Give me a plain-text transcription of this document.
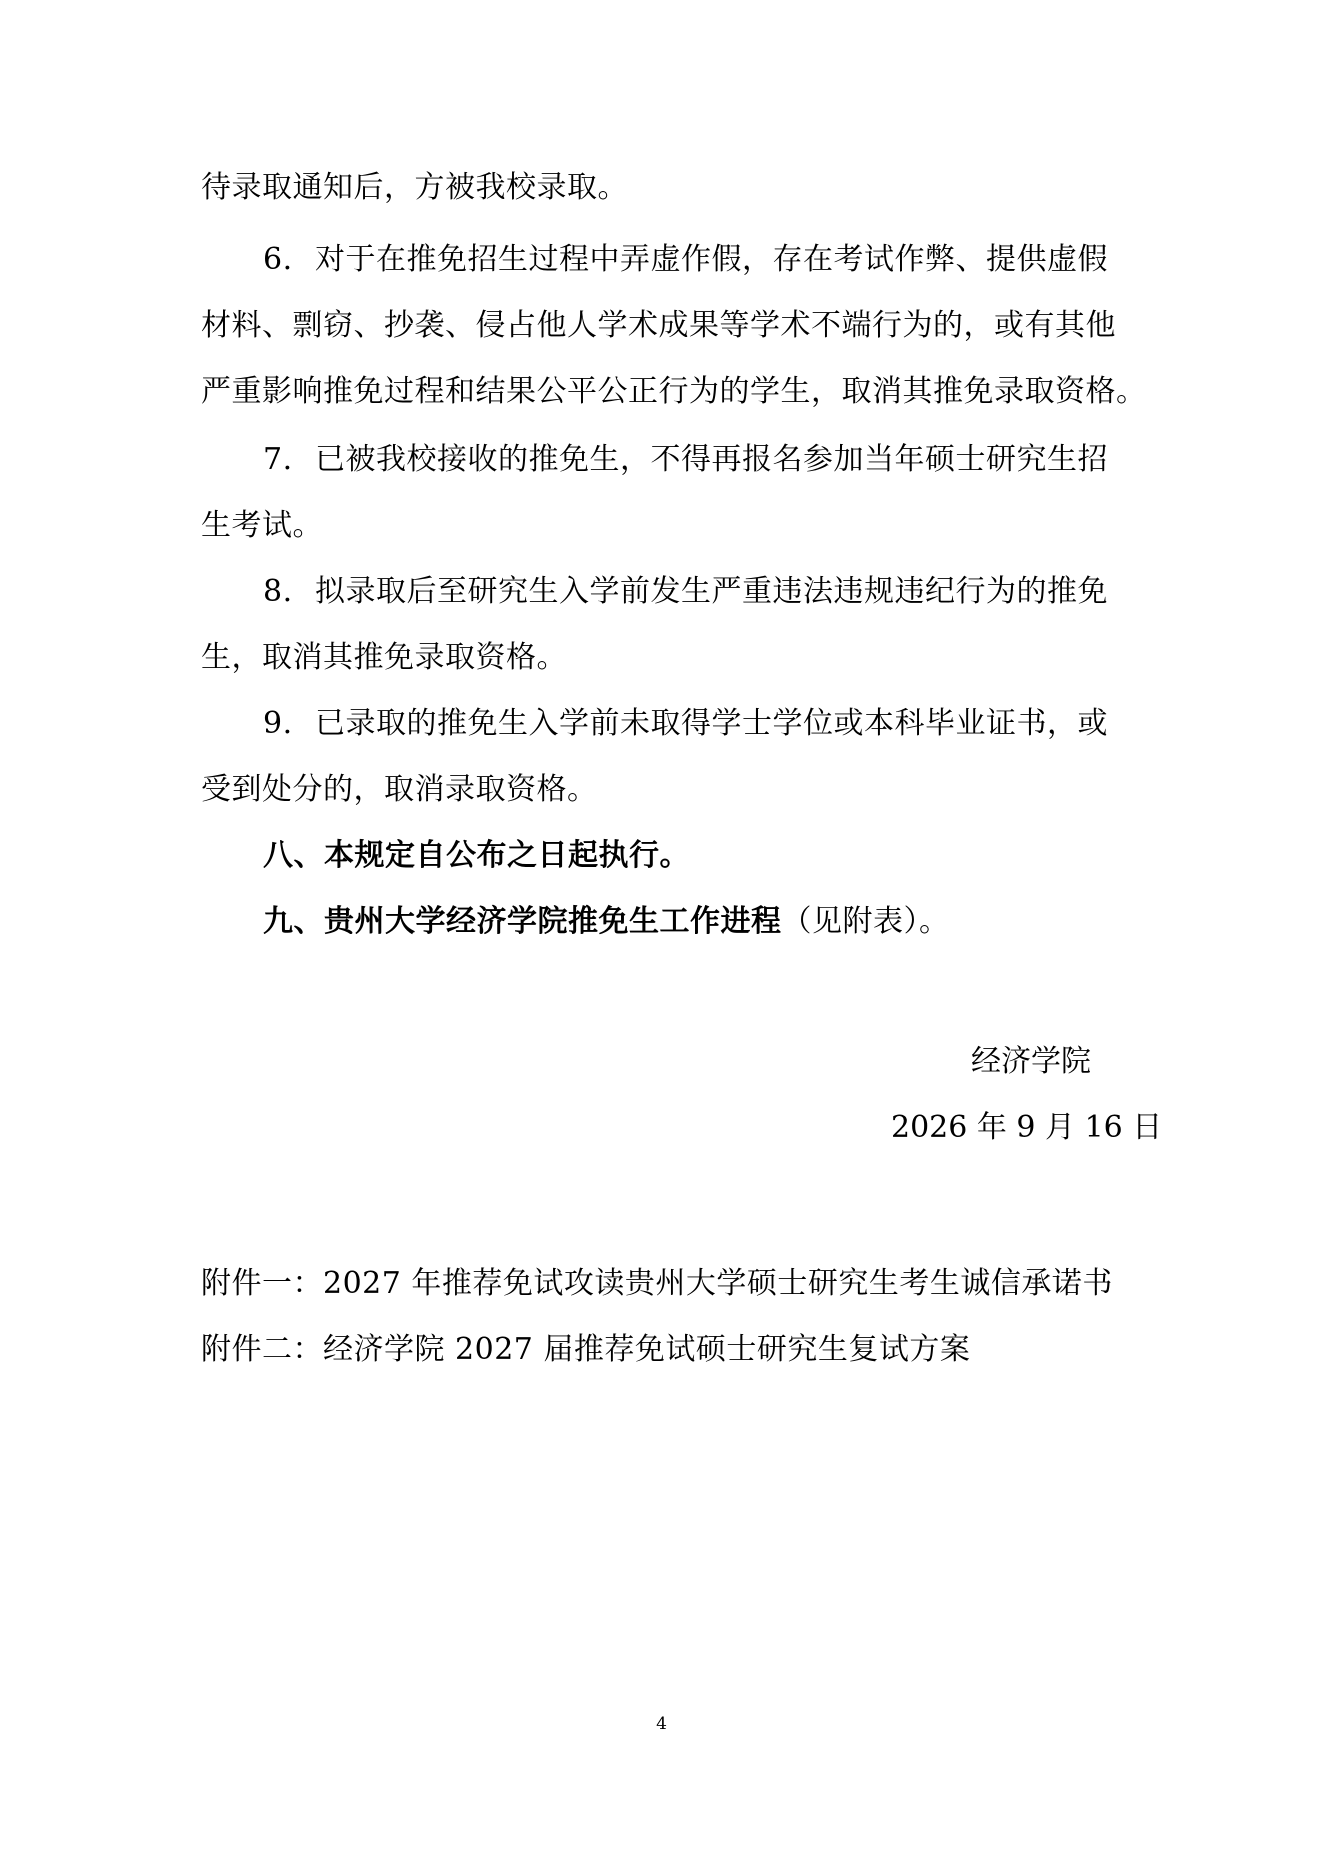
待录取通知后，方被我校录取。
6. 对于在推免招生过程中弄虚作假，存在考试作弊、提供虚假
材料、剽窃、抄袭、侵占他人学术成果等学术不端行为的，或有其他
严重影响推免过程和结果公平公正行为的学生，取消其推免录取资格。
7. 已被我校接收的推免生，不得再报名参加当年硕士研究生招
生考试。
8. 拟录取后至研究生入学前发生严重违法违规违纪行为的推免
生，取消其推免录取资格。
9. 已录取的推免生入学前未取得学士学位或本科毕业证书，或
受到处分的，取消录取资格。
八、本规定自公布之日起执行。
九、贵州大学经济学院推免生工作进程（见附表）。
经济学院
2026 年 9 月 16 日
附件一：2027 年推荐免试攻读贵州大学硕士研究生考生诚信承诺书
附件二：经济学院 2027 届推荐免试硕士研究生复试方案
4
